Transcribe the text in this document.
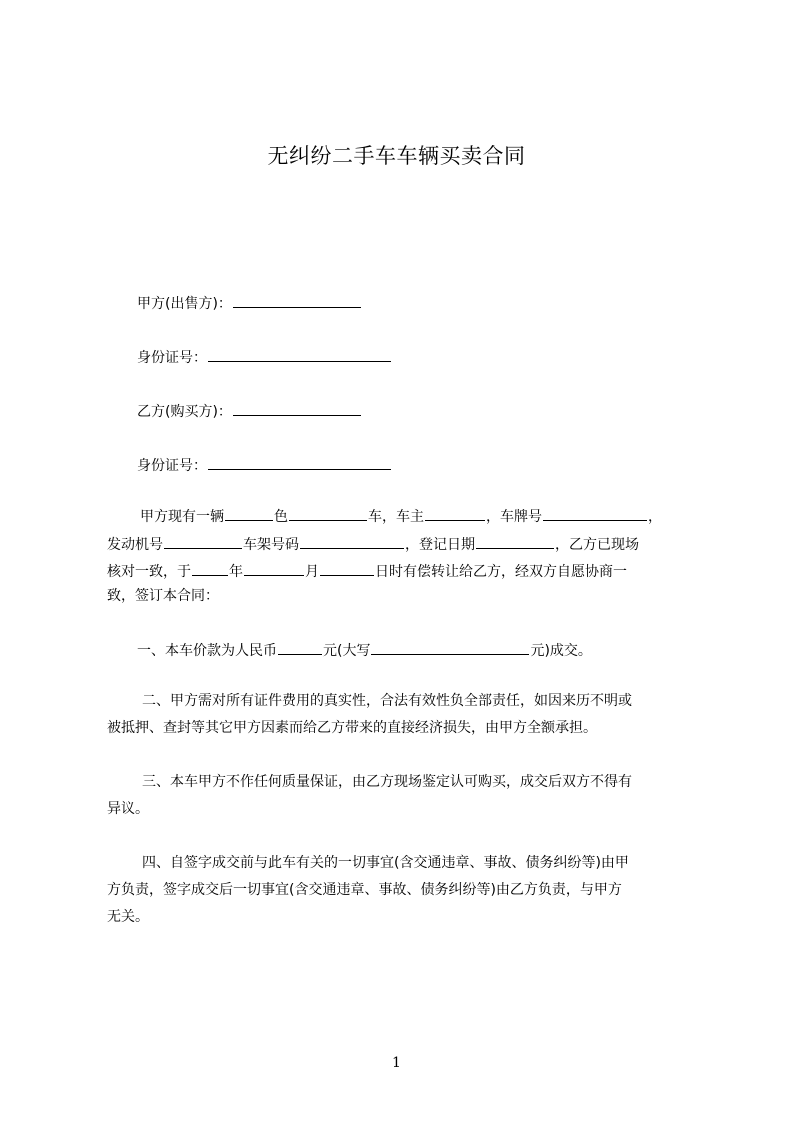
无纠纷二手车车辆买卖合同
甲方(出售方)：
身份证号：
乙方(购买方)：
身份证号：
甲方现有一辆	色	车，车主	，车牌号	，
发动机号	车架号码	，登记日期	，乙方已现场
核对一致，于	年	月	日时有偿转让给乙方，经双方自愿协商一
致，签订本合同：
一、本车价款为人民币	元(大写	元)成交。
二、甲方需对所有证件费用的真实性，合法有效性负全部责任，如因来历不明或
被抵押、查封等其它甲方因素而给乙方带来的直接经济损失，由甲方全额承担。
三、本车甲方不作任何质量保证，由乙方现场鉴定认可购买，成交后双方不得有
异议。
四、自签字成交前与此车有关的一切事宜(含交通违章、事故、债务纠纷等)由甲
方负责，签字成交后一切事宜(含交通违章、事故、债务纠纷等)由乙方负责，与甲方
无关。
1
